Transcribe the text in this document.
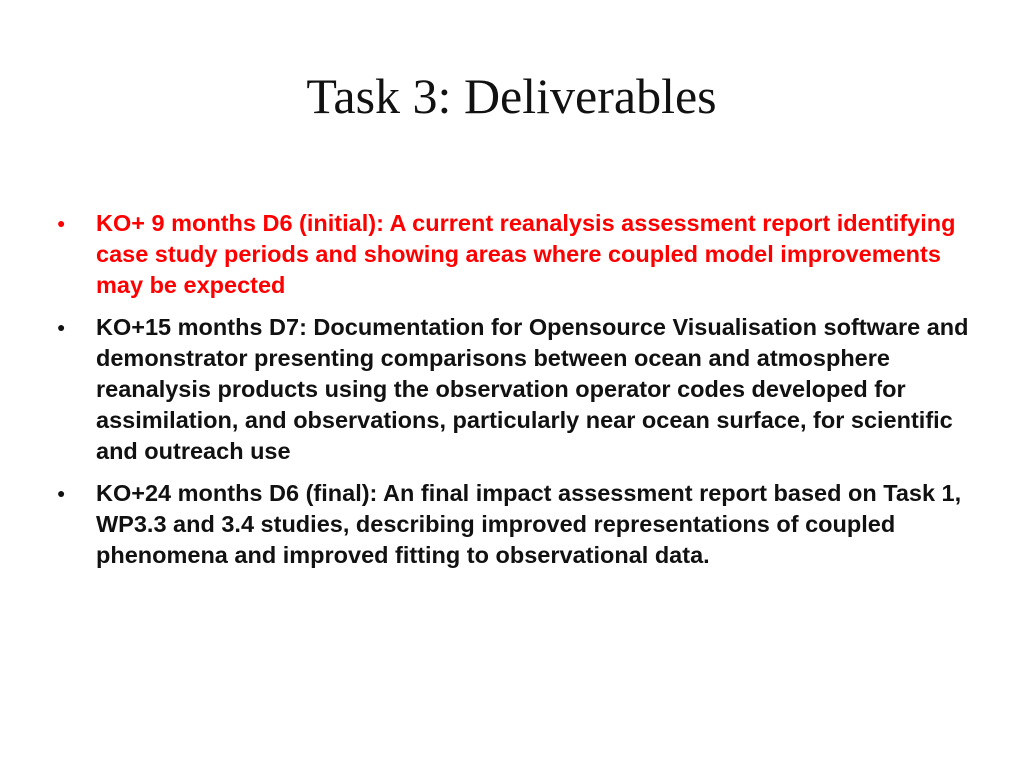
Task 3: Deliverables
● KO+ 9 months D6 (initial): A current reanalysis assessment report identifying case study periods and showing areas where coupled model improvements may be expected
● KO+15 months D7: Documentation for Opensource Visualisation software and demonstrator presenting comparisons between ocean and atmosphere reanalysis products using the observation operator codes developed for assimilation, and observations, particularly near ocean surface, for scientific and outreach use
● KO+24 months D6 (final): An final impact assessment report based on Task 1, WP3.3 and 3.4 studies, describing improved representations of coupled phenomena and improved fitting to observational data.
